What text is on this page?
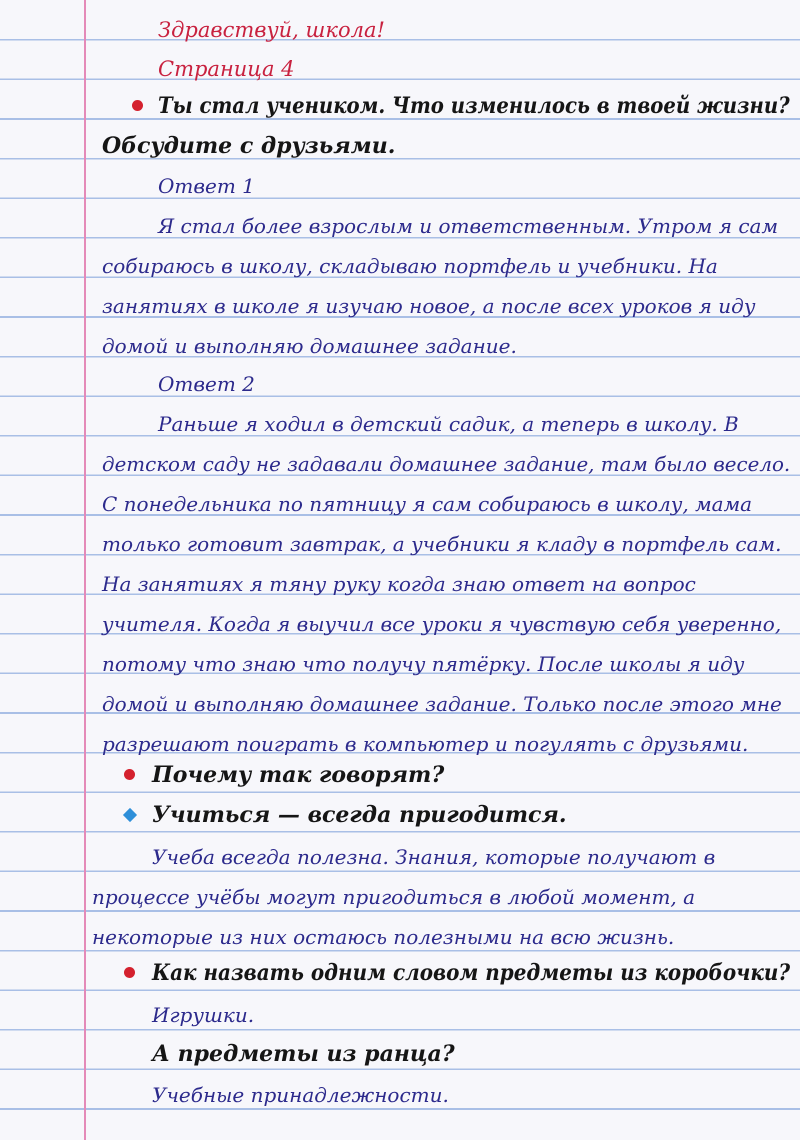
Здравствуй, школа!
Страница 4
Ты стал учеником. Что изменилось в твоей жизни?
Обсудите с друзьями.
Ответ 1
Я стал более взрослым и ответственным. Утром я сам
собираюсь в школу, складываю портфель и учебники. На
занятиях в школе я изучаю новое, а после всех уроков я иду
домой и выполняю домашнее задание.
Ответ 2
Раньше я ходил в детский садик, а теперь в школу. В
детском саду не задавали домашнее задание, там было весело.
С понедельника по пятницу я сам собираюсь в школу, мама
только готовит завтрак, а учебники я кладу в портфель сам.
На занятиях я тяну руку когда знаю ответ на вопрос
учителя. Когда я выучил все уроки я чувствую себя уверенно,
потому что знаю что получу пятёрку. После школы я иду
домой и выполняю домашнее задание. Только после этого мне
разрешают поиграть в компьютер и погулять с друзьями.
Почему так говорят?
Учиться — всегда пригодится.
Учеба всегда полезна. Знания, которые получают в
процессе учёбы могут пригодиться в любой момент, а
некоторые из них остаюсь полезными на всю жизнь.
Как назвать одним словом предметы из коробочки?
Игрушки.
А предметы из ранца?
Учебные принадлежности.
